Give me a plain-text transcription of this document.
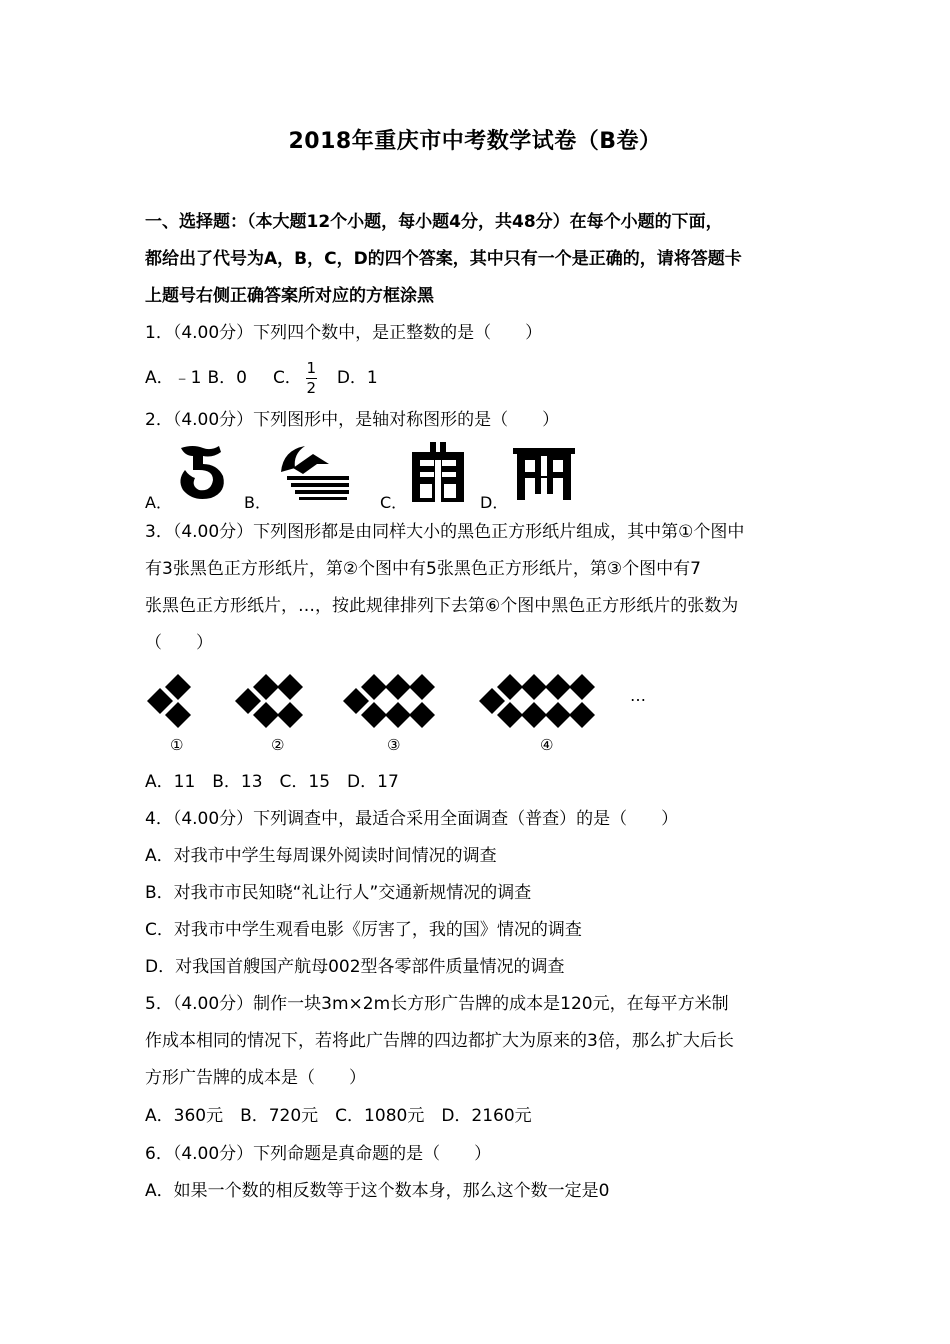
2018年重庆市中考数学试卷（B卷）
一、选择题：（本大题12个小题，每小题4分，共48分）在每个小题的下面，
都给出了代号为A，B，C，D的四个答案，其中只有一个是正确的，请将答题卡
上题号右侧正确答案所对应的方框涂黑
1．（4.00分）下列四个数中，是正整数的是（　　）
A．﹣1 B．0 C． $\frac{1}{2}$ D．1
2．（4.00分）下列图形中，是轴对称图形的是（　　）
A．	B．	C．	D．
3．（4.00分）下列图形都是由同样大小的黑色正方形纸片组成，其中第①个图中
有3张黑色正方形纸片，第②个图中有5张黑色正方形纸片，第③个图中有7
张黑色正方形纸片，…，按此规律排列下去第⑥个图中黑色正方形纸片的张数为
（　　）
①	②	③	④
…
A．11　B．13　C．15　D．17
4．（4.00分）下列调查中，最适合采用全面调查（普查）的是（　　）
A．对我市中学生每周课外阅读时间情况的调查
B．对我市市民知晓“礼让行人”交通新规情况的调查
C．对我市中学生观看电影《厉害了，我的国》情况的调查
D．对我国首艘国产航母002型各零部件质量情况的调查
5．（4.00分）制作一块3m×2m长方形广告牌的成本是120元，在每平方米制
作成本相同的情况下，若将此广告牌的四边都扩大为原来的3倍，那么扩大后长
方形广告牌的成本是（　　）
A．360元　B．720元　C．1080元　D．2160元
6．（4.00分）下列命题是真命题的是（　　）
A．如果一个数的相反数等于这个数本身，那么这个数一定是0
